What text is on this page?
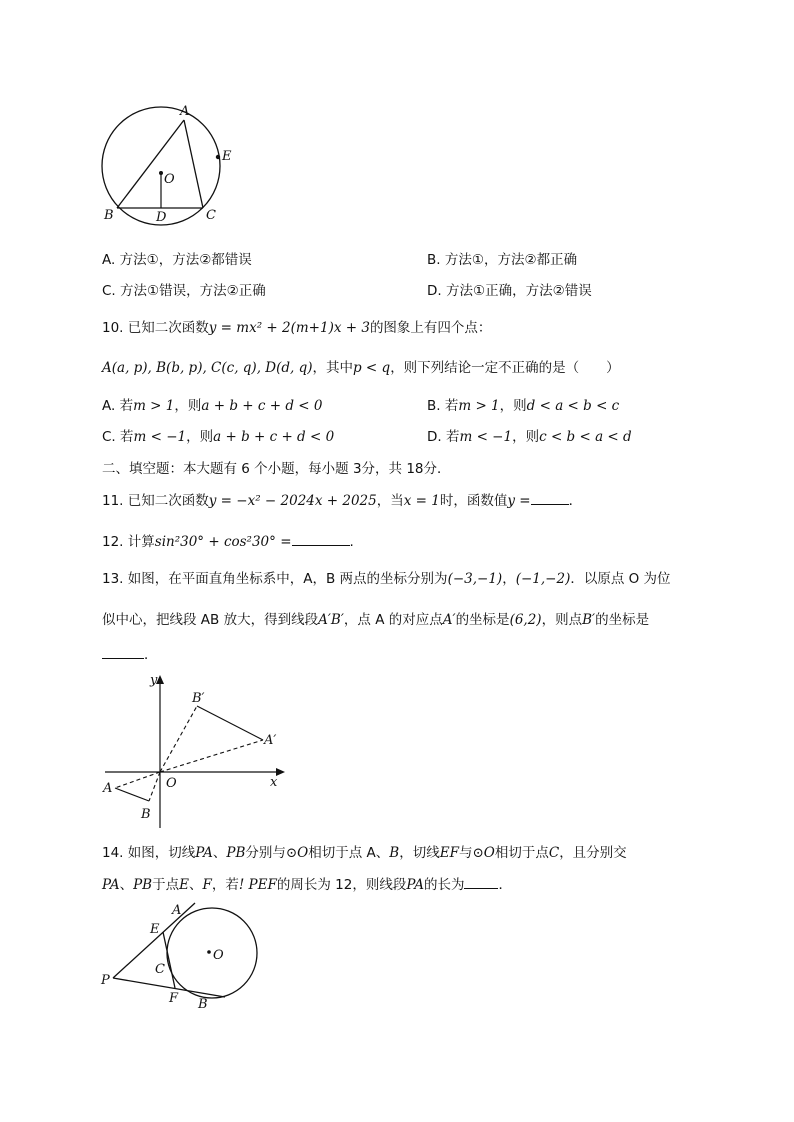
A
E
O
B	D	C
A. 方法①，方法②都错误	B. 方法①，方法②都正确
C. 方法①错误，方法②正确	D. 方法①正确，方法②错误
10. 已知二次函数y = mx² + 2(m+1)x + 3的图象上有四个点：
A(a, p), B(b, p), C(c, q), D(d, q)，其中p < q，则下列结论一定不正确的是（　　）
A. 若m > 1，则a + b + c + d < 0	B. 若m > 1，则d < a < b < c
C. 若m < −1，则a + b + c + d < 0	D. 若m < −1，则c < b < a < d
二、填空题：本大题有 6 个小题，每小题 3分，共 18分．
11. 已知二次函数y = −x² − 2024x + 2025，当x = 1时，函数值y =	．
12. 计算sin²30° + cos²30° =	.
13. 如图，在平面直角坐标系中，A，B 两点的坐标分别为(−3,−1)，(−1,−2)．以原点 O 为位
似中心，把线段 AB 放大，得到线段A′B′，点 A 的对应点A′的坐标是(6,2)，则点B′的坐标是
．
y
x
O
B′
A′
A
B
14. 如图，切线PA、PB分别与⊙O相切于点 A、B，切线EF与⊙O相切于点C，且分别交
PA、PB于点E、F，若! PEF的周长为 12，则线段PA的长为	．
A
E
O
C
P
F B
